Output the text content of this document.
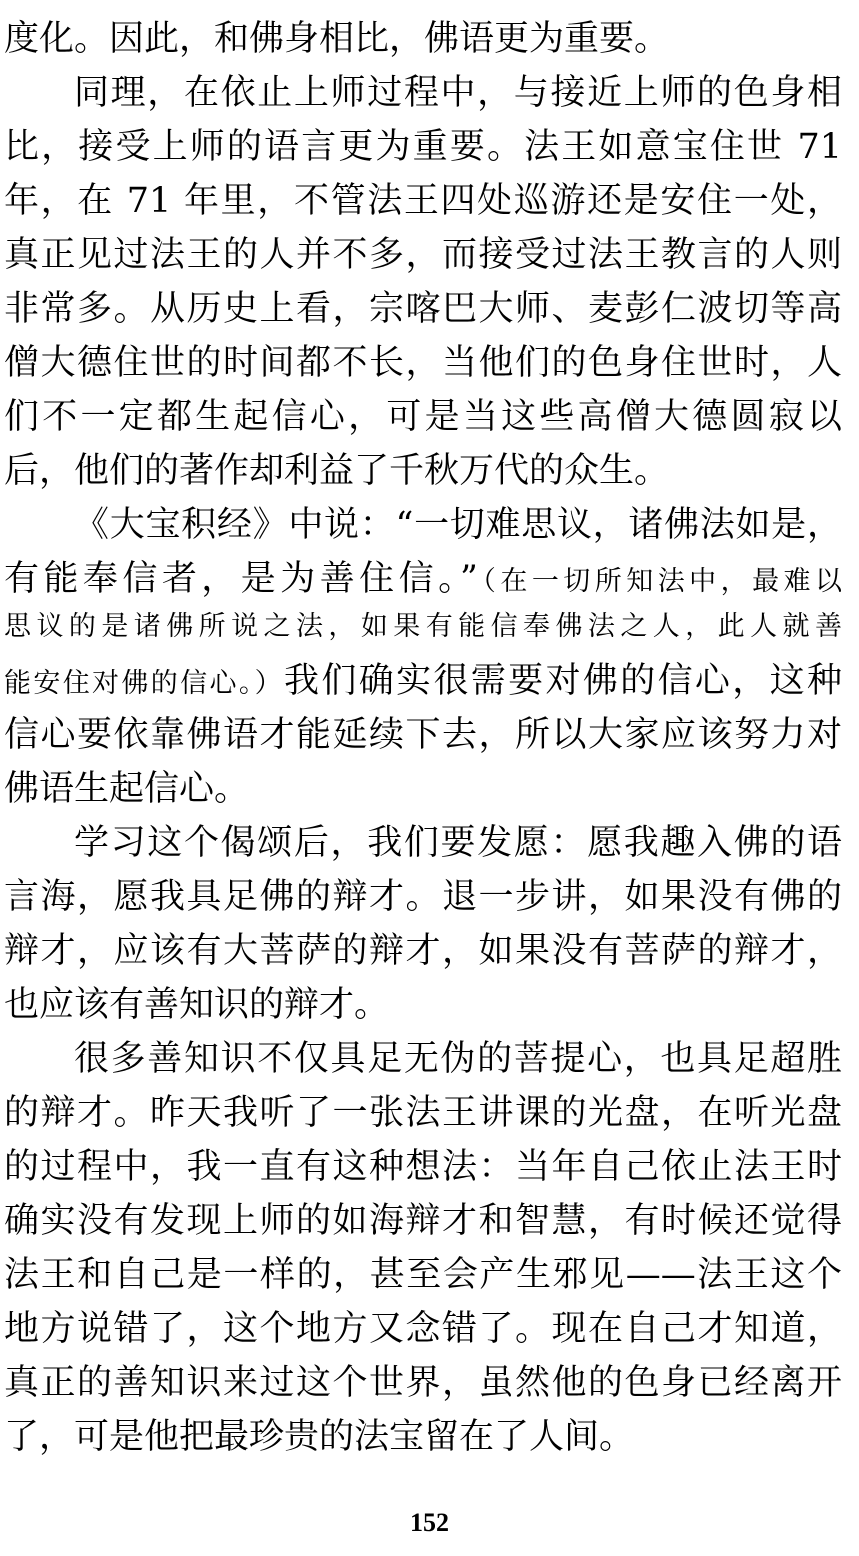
度化。因此，和佛身相比，佛语更为重要。
同理，在依止上师过程中，与接近上师的色身相
比，接受上师的语言更为重要。法王如意宝住世 71
年，在 71 年里，不管法王四处巡游还是安住一处，
真正见过法王的人并不多，而接受过法王教言的人则
非常多。从历史上看，宗喀巴大师、麦彭仁波切等高
僧大德住世的时间都不长，当他们的色身住世时，人
们不一定都生起信心，可是当这些高僧大德圆寂以
后，他们的著作却利益了千秋万代的众生。
《大宝积经》中说：“一切难思议，诸佛法如是，
有能奉信者，是为善住信。”（在一切所知法中，最难以
思议的是诸佛所说之法，如果有能信奉佛法之人，此人就善
能安住对佛的信心。）我们确实很需要对佛的信心，这种
信心要依靠佛语才能延续下去，所以大家应该努力对
佛语生起信心。
学习这个偈颂后，我们要发愿：愿我趣入佛的语
言海，愿我具足佛的辩才。退一步讲，如果没有佛的
辩才，应该有大菩萨的辩才，如果没有菩萨的辩才，
也应该有善知识的辩才。
很多善知识不仅具足无伪的菩提心，也具足超胜
的辩才。昨天我听了一张法王讲课的光盘，在听光盘
的过程中，我一直有这种想法：当年自己依止法王时
确实没有发现上师的如海辩才和智慧，有时候还觉得
法王和自己是一样的，甚至会产生邪见——法王这个
地方说错了，这个地方又念错了。现在自己才知道，
真正的善知识来过这个世界，虽然他的色身已经离开
了，可是他把最珍贵的法宝留在了人间。
152
